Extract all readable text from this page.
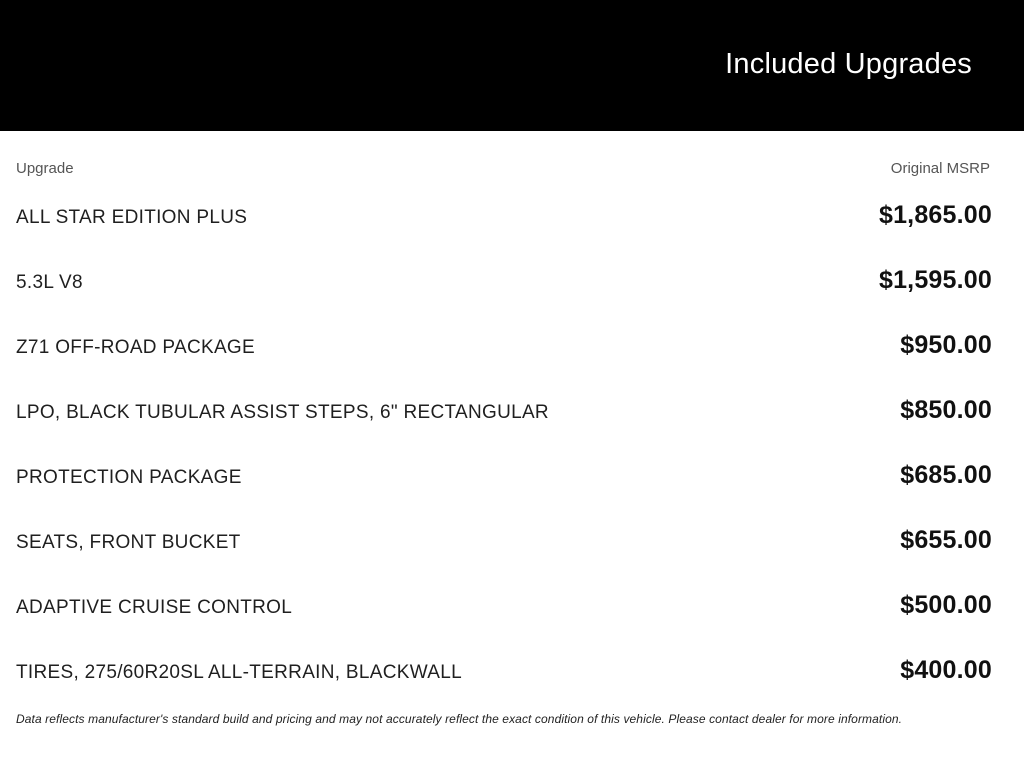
Included Upgrades
Upgrade	Original MSRP
ALL STAR EDITION PLUS	$1,865.00
5.3L V8	$1,595.00
Z71 OFF-ROAD PACKAGE	$950.00
LPO, BLACK TUBULAR ASSIST STEPS, 6" RECTANGULAR	$850.00
PROTECTION PACKAGE	$685.00
SEATS, FRONT BUCKET	$655.00
ADAPTIVE CRUISE CONTROL	$500.00
TIRES, 275/60R20SL ALL-TERRAIN, BLACKWALL	$400.00
Data reflects manufacturer's standard build and pricing and may not accurately reflect the exact condition of this vehicle. Please contact dealer for more information.
